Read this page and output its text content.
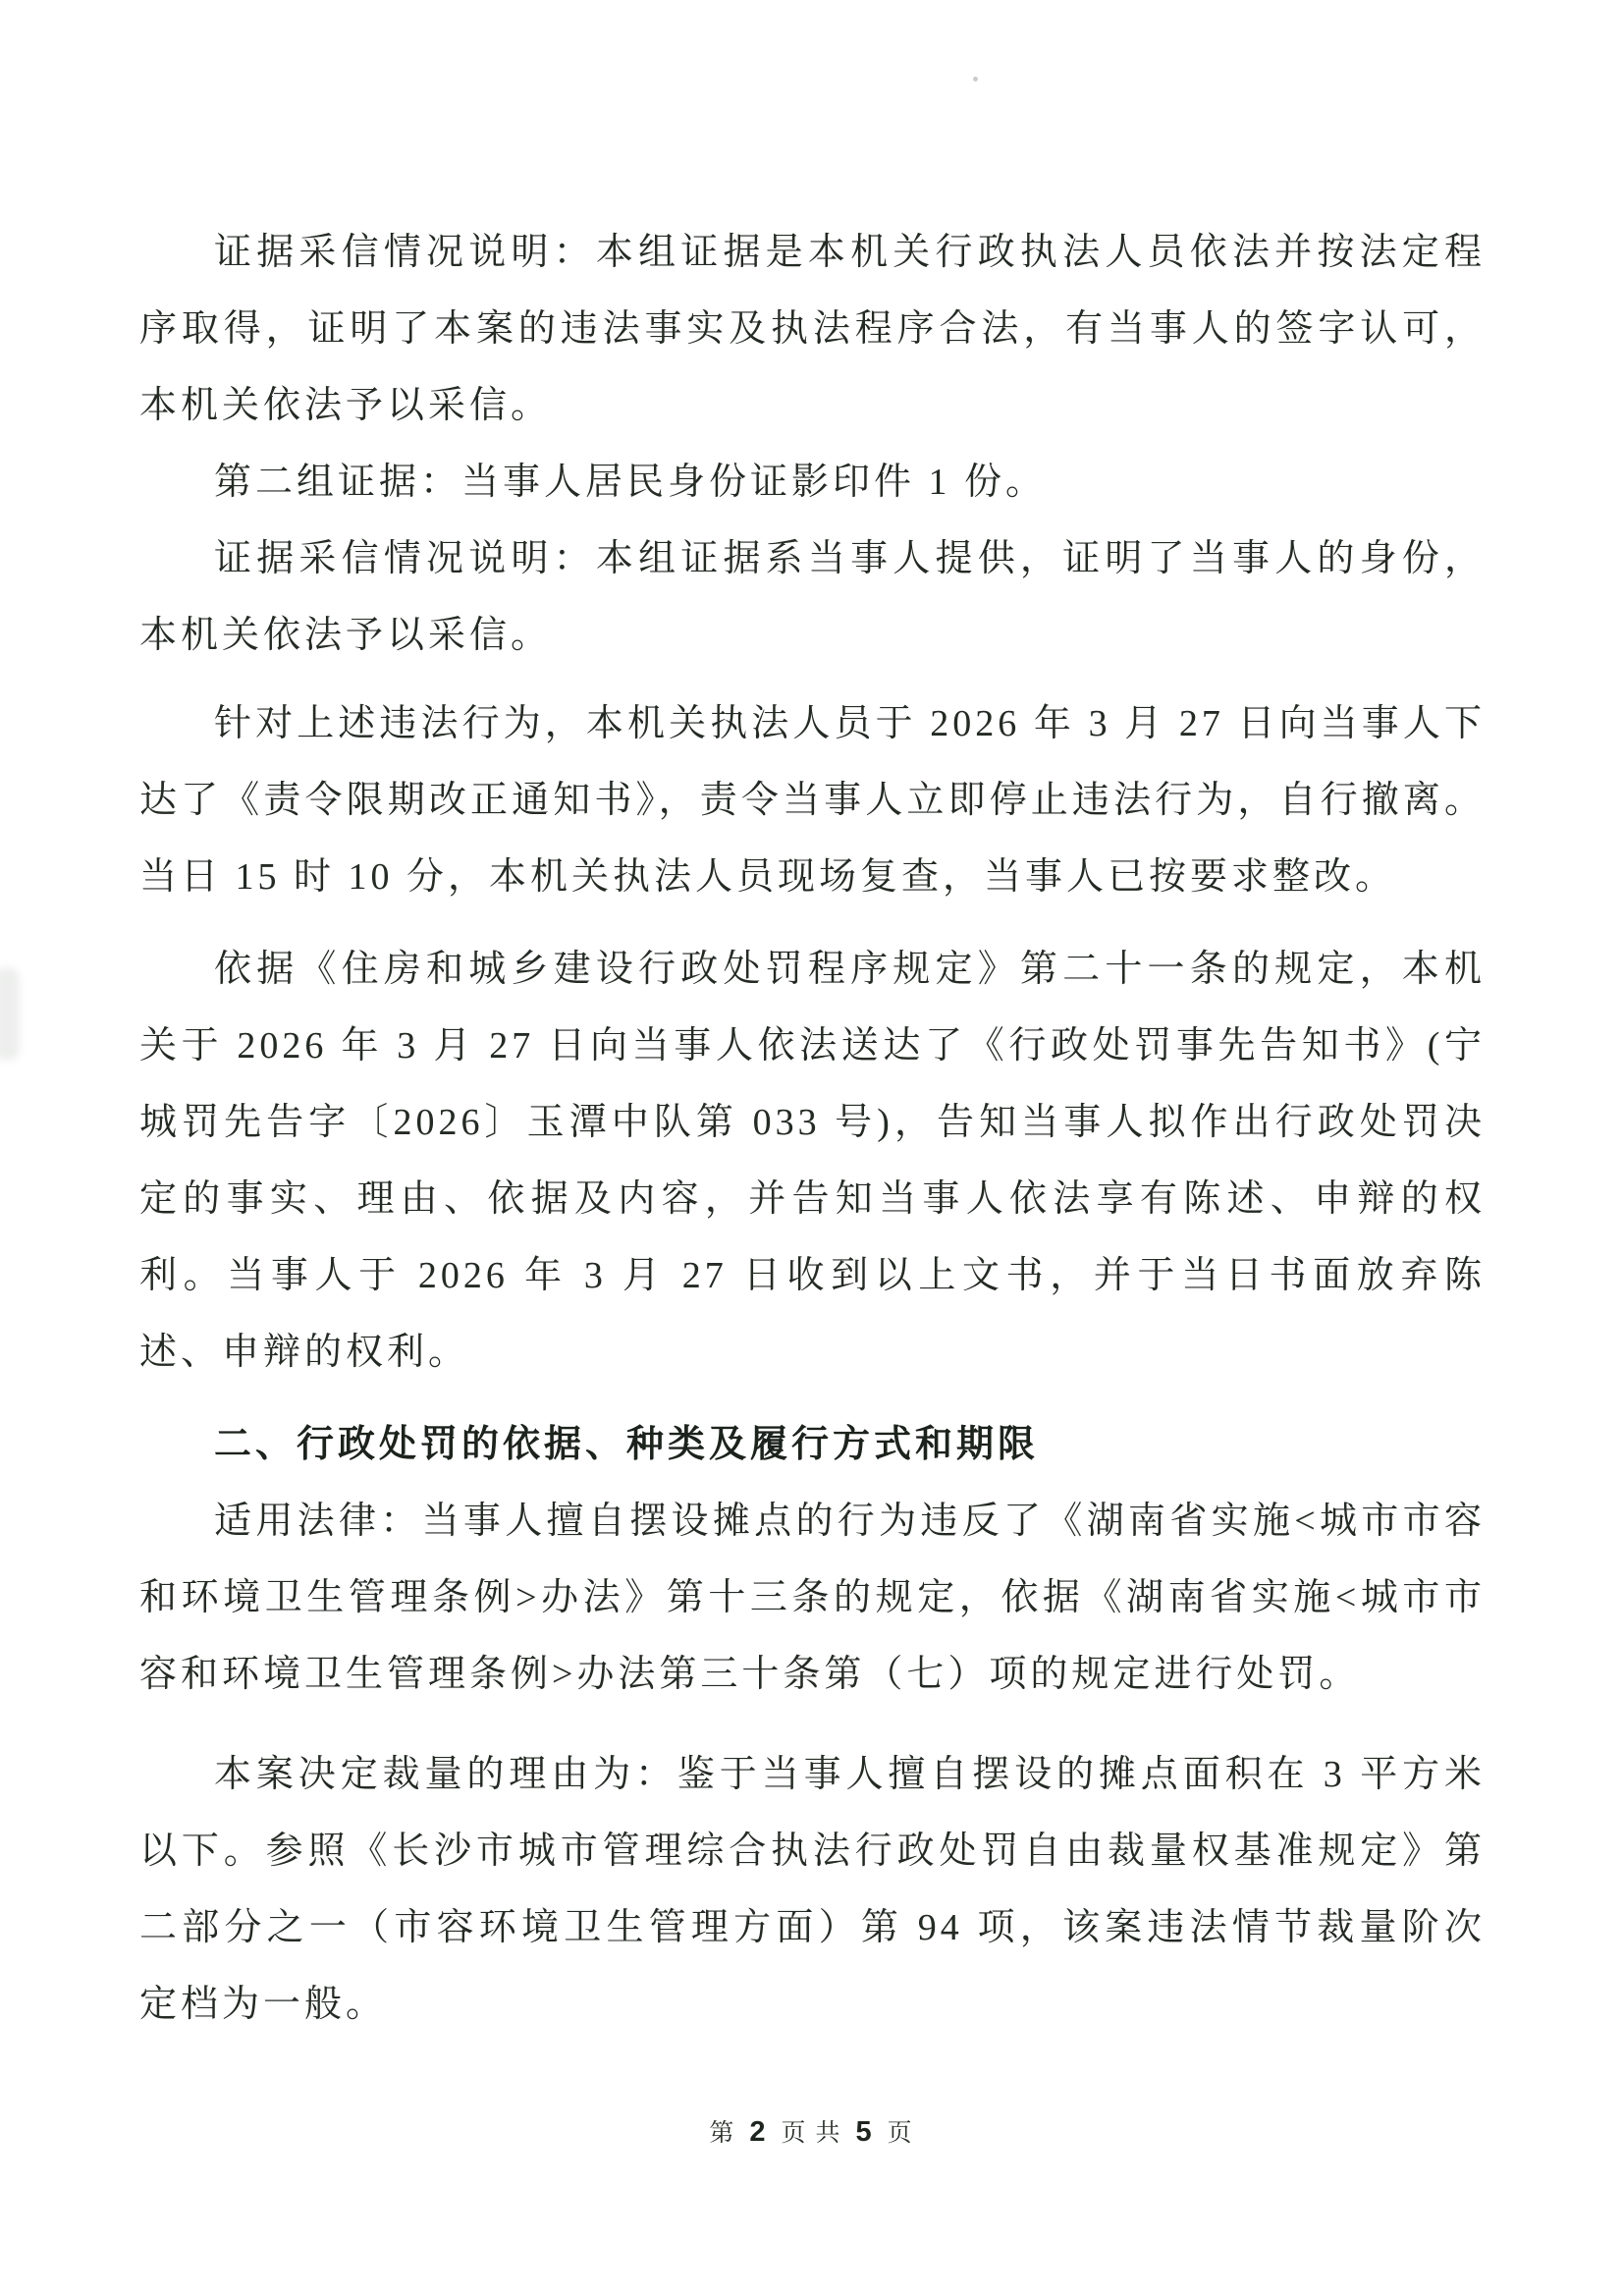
证据采信情况说明：本组证据是本机关行政执法人员依法并按法定程序取得，证明了本案的违法事实及执法程序合法，有当事人的签字认可，本机关依法予以采信。

第二组证据：当事人居民身份证影印件 1 份。

证据采信情况说明：本组证据系当事人提供，证明了当事人的身份，本机关依法予以采信。

针对上述违法行为，本机关执法人员于 2026 年 3 月 27 日向当事人下达了《责令限期改正通知书》，责令当事人立即停止违法行为，自行撤离。当日 15 时 10 分，本机关执法人员现场复查，当事人已按要求整改。

依据《住房和城乡建设行政处罚程序规定》第二十一条的规定，本机关于 2026 年 3 月 27 日向当事人依法送达了《行政处罚事先告知书》(宁城罚先告字〔2026〕玉潭中队第 033 号)，告知当事人拟作出行政处罚决定的事实、理由、依据及内容，并告知当事人依法享有陈述、申辩的权利。当事人于 2026 年 3 月 27 日收到以上文书，并于当日书面放弃陈述、申辩的权利。

二、行政处罚的依据、种类及履行方式和期限

适用法律：当事人擅自摆设摊点的行为违反了《湖南省实施<城市市容和环境卫生管理条例>办法》第十三条的规定，依据《湖南省实施<城市市容和环境卫生管理条例>办法第三十条第（七）项的规定进行处罚。

本案决定裁量的理由为：鉴于当事人擅自摆设的摊点面积在 3 平方米以下。参照《长沙市城市管理综合执法行政处罚自由裁量权基准规定》第二部分之一（市容环境卫生管理方面）第 94 项，该案违法情节裁量阶次定档为一般。

第 2 页 共 5 页
